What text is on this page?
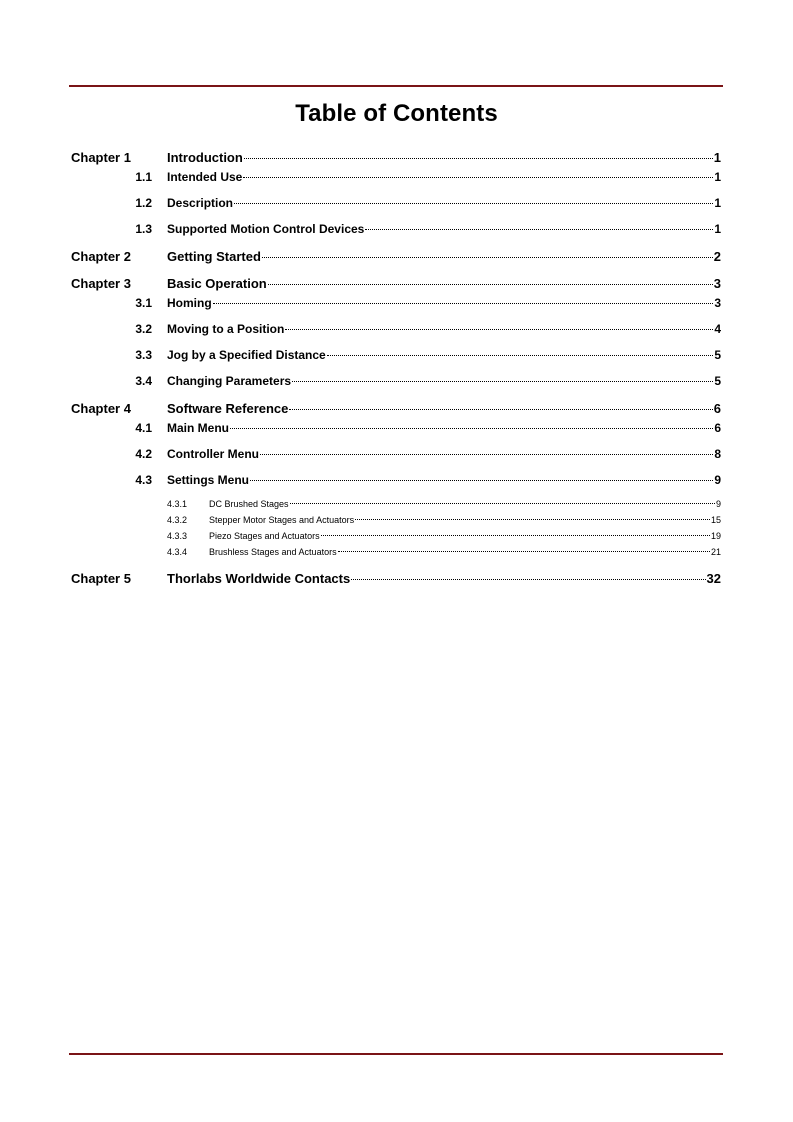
Table of Contents
Chapter 1	Introduction	1
1.1 Intended Use	1
1.2 Description	1
1.3 Supported Motion Control Devices	1
Chapter 2	Getting Started	2
Chapter 3	Basic Operation	3
3.1 Homing	3
3.2 Moving to a Position	4
3.3 Jog by a Specified Distance	5
3.4 Changing Parameters	5
Chapter 4	Software Reference	6
4.1 Main Menu	6
4.2 Controller Menu	8
4.3 Settings Menu	9
4.3.1 DC Brushed Stages	9
4.3.2 Stepper Motor Stages and Actuators	15
4.3.3 Piezo Stages and Actuators	19
4.3.4 Brushless Stages and Actuators	21
Chapter 5	Thorlabs Worldwide Contacts	32
